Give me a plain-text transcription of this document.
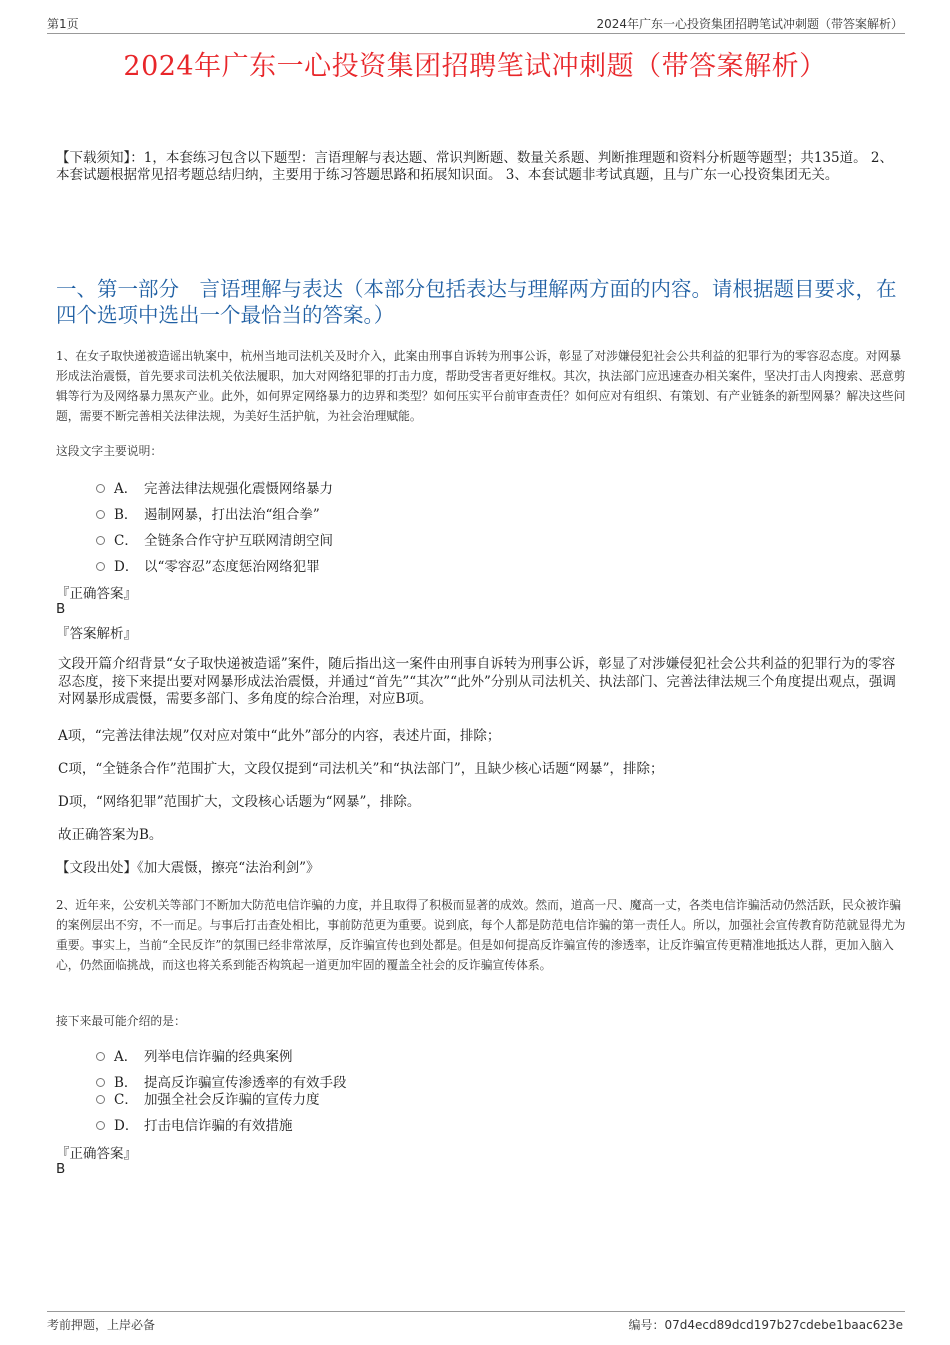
第1页	2024年广东一心投资集团招聘笔试冲刺题（带答案解析）
2024年广东一心投资集团招聘笔试冲刺题（带答案解析）
【下载须知】：1，本套练习包含以下题型：言语理解与表达题、常识判断题、数量关系题、判断推理题和资料分析题等题型；共135道。 2、本套试题根据常见招考题总结归纳，主要用于练习答题思路和拓展知识面。 3、本套试题非考试真题，且与广东一心投资集团无关。
一、第一部分　言语理解与表达（本部分包括表达与理解两方面的内容。请根据题目要求，在四个选项中选出一个最恰当的答案。）
1、在女子取快递被造谣出轨案中，杭州当地司法机关及时介入，此案由刑事自诉转为刑事公诉，彰显了对涉嫌侵犯社会公共利益的犯罪行为的零容忍态度。对网暴形成法治震慑，首先要求司法机关依法履职，加大对网络犯罪的打击力度，帮助受害者更好维权。其次，执法部门应迅速查办相关案件，坚决打击人肉搜索、恶意剪辑等行为及网络暴力黑灰产业。此外，如何界定网络暴力的边界和类型？如何压实平台前审查责任？如何应对有组织、有策划、有产业链条的新型网暴？解决这些问题，需要不断完善相关法律法规，为美好生活护航，为社会治理赋能。
这段文字主要说明：
A． 完善法律法规强化震慑网络暴力
B． 遏制网暴，打出法治“组合拳”
C． 全链条合作守护互联网清朗空间
D． 以“零容忍”态度惩治网络犯罪
『正确答案』
B
『答案解析』
文段开篇介绍背景“女子取快递被造谣”案件，随后指出这一案件由刑事自诉转为刑事公诉，彰显了对涉嫌侵犯社会公共利益的犯罪行为的零容忍态度，接下来提出要对网暴形成法治震慑，并通过“首先”“其次”“此外”分别从司法机关、执法部门、完善法律法规三个角度提出观点，强调对网暴形成震慑，需要多部门、多角度的综合治理，对应B项。
A项，“完善法律法规”仅对应对策中“此外”部分的内容，表述片面，排除；
C项，“全链条合作”范围扩大，文段仅提到“司法机关”和“执法部门”，且缺少核心话题“网暴”，排除；
D项，“网络犯罪”范围扩大，文段核心话题为“网暴”，排除。
故正确答案为B。
【文段出处】《加大震慑，擦亮“法治利剑”》
2、近年来，公安机关等部门不断加大防范电信诈骗的力度，并且取得了积极而显著的成效。然而，道高一尺、魔高一丈，各类电信诈骗活动仍然活跃，民众被诈骗的案例层出不穷，不一而足。与事后打击查处相比，事前防范更为重要。说到底，每个人都是防范电信诈骗的第一责任人。所以，加强社会宣传教育防范就显得尤为重要。事实上，当前“全民反诈”的氛围已经非常浓厚，反诈骗宣传也到处都是。但是如何提高反诈骗宣传的渗透率，让反诈骗宣传更精准地抵达人群，更加入脑入心，仍然面临挑战，而这也将关系到能否构筑起一道更加牢固的覆盖全社会的反诈骗宣传体系。
接下来最可能介绍的是：
A． 列举电信诈骗的经典案例
B． 提高反诈骗宣传渗透率的有效手段
C． 加强全社会反诈骗的宣传力度
D． 打击电信诈骗的有效措施
『正确答案』
B
考前押题，上岸必备	编号：07d4ecd89dcd197b27cdebe1baac623e
